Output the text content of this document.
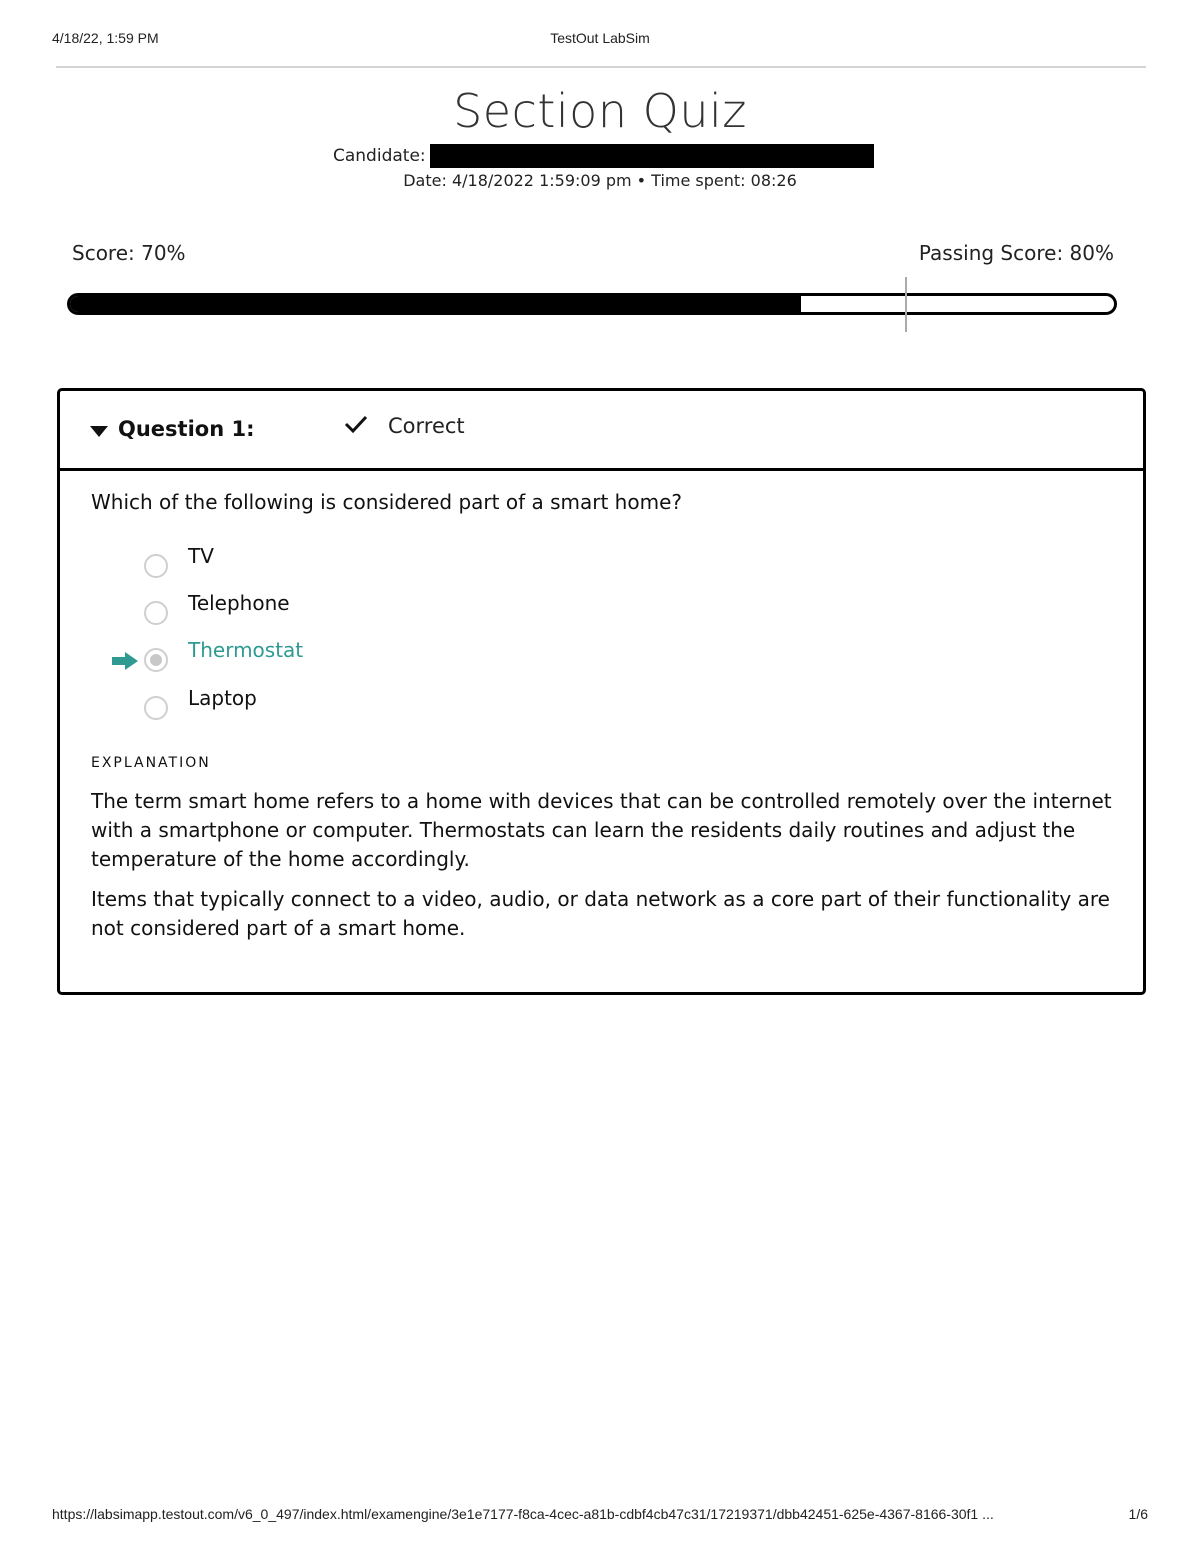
4/18/22, 1:59 PM	TestOut LabSim
Section Quiz
Candidate:
Date: 4/18/2022 1:59:09 pm • Time spent: 08:26
Score: 70%	Passing Score: 80%
Question 1:	Correct
Which of the following is considered part of a smart home?
TV
Telephone
Thermostat
Laptop
EXPLANATION

The term smart home refers to a home with devices that can be controlled remotely over the internet with a smartphone or computer. Thermostats can learn the residents daily routines and adjust the temperature of the home accordingly.

Items that typically connect to a video, audio, or data network as a core part of their functionality are not considered part of a smart home.

https://labsimapp.testout.com/v6_0_497/index.html/examengine/3e1e7177-f8ca-4cec-a81b-cdbf4cb47c31/17219371/dbb42451-625e-4367-8166-30f1 ...	1/6
